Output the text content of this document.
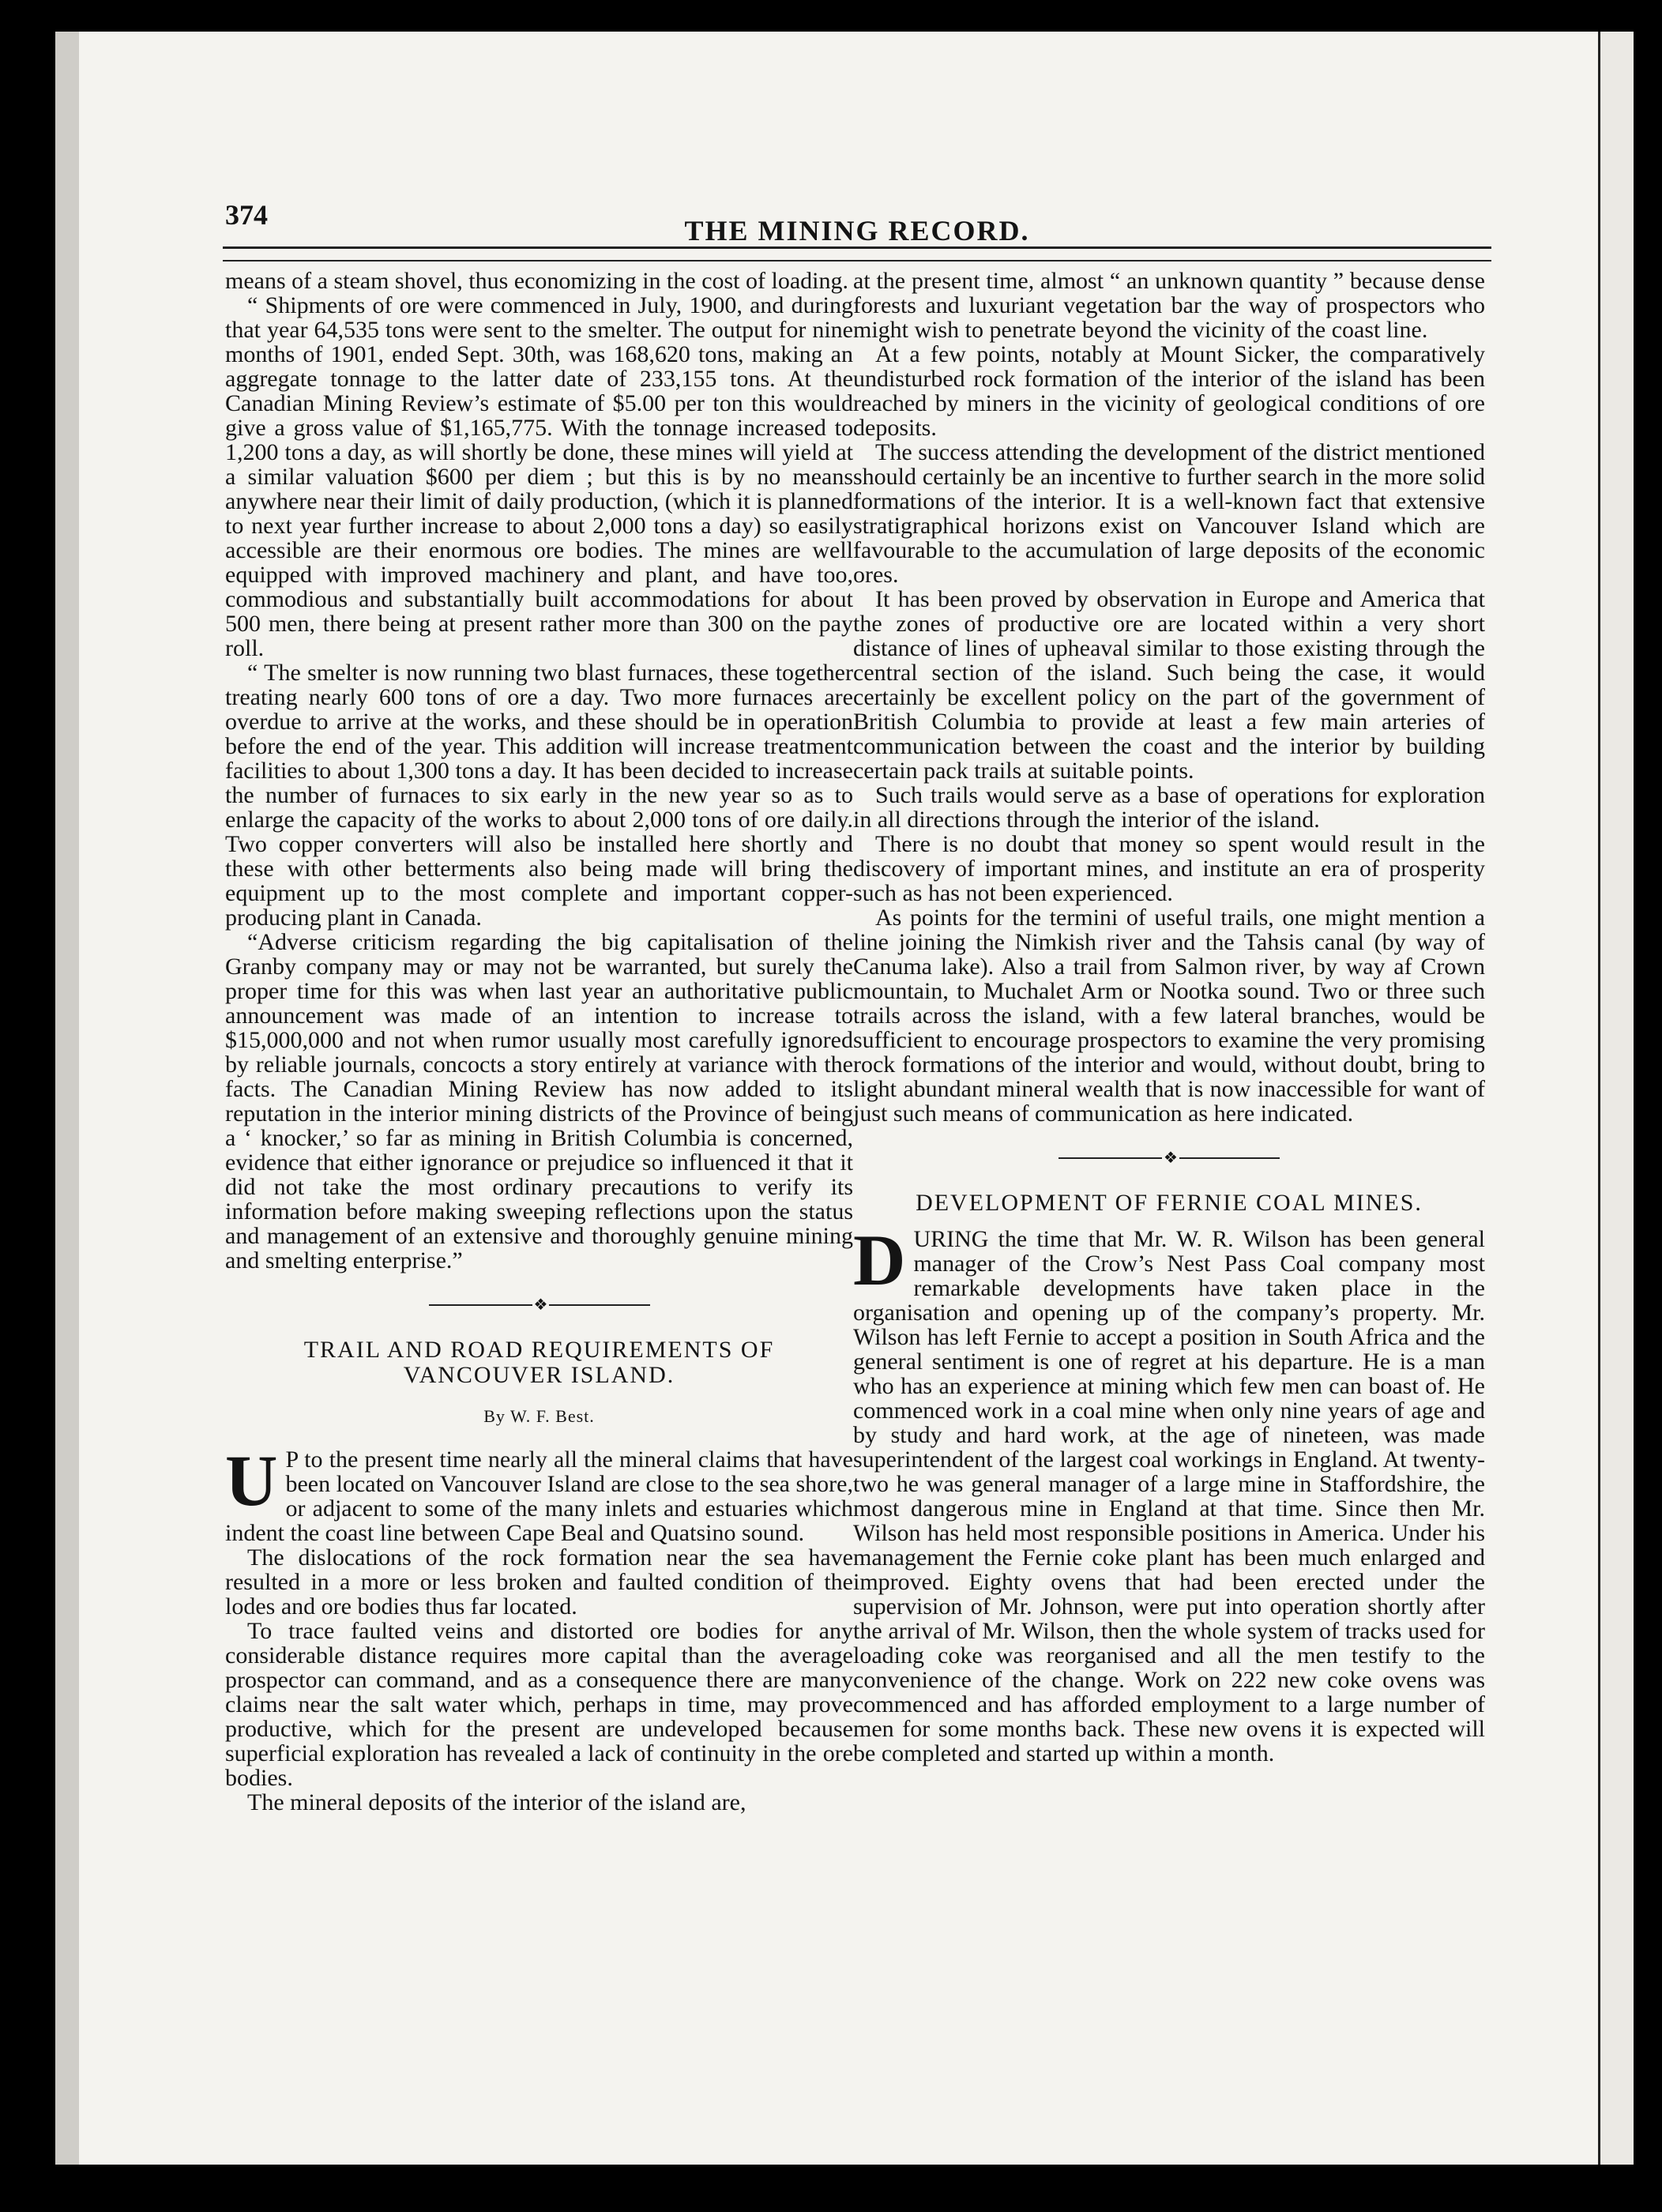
374	THE MINING RECORD.

means of a steam shovel, thus economizing in the cost of loading.

“ Shipments of ore were commenced in July, 1900, and during that year 64,535 tons were sent to the smelter. The output for nine months of 1901, ended Sept. 30th, was 168,620 tons, making an aggregate tonnage to the latter date of 233,155 tons. At the Canadian Mining Review’s estimate of $5.00 per ton this would give a gross value of $1,165,775. With the tonnage increased to 1,200 tons a day, as will shortly be done, these mines will yield at a similar valuation $600 per diem ; but this is by no means anywhere near their limit of daily production, (which it is planned to next year further increase to about 2,000 tons a day) so easily accessible are their enormous ore bodies. The mines are well equipped with improved machinery and plant, and have too, commodious and substantially built accommodations for about 500 men, there being at present rather more than 300 on the pay roll.

“ The smelter is now running two blast furnaces, these together treating nearly 600 tons of ore a day. Two more furnaces are overdue to arrive at the works, and these should be in operation before the end of the year. This addition will increase treatment facilities to about 1,300 tons a day. It has been decided to increase the number of furnaces to six early in the new year so as to enlarge the capacity of the works to about 2,000 tons of ore daily. Two copper converters will also be installed here shortly and these with other betterments also being made will bring the equipment up to the most complete and important copper-producing plant in Canada.

“Adverse criticism regarding the big capitalisation of the Granby company may or may not be warranted, but surely the proper time for this was when last year an authoritative public announcement was made of an intention to increase to $15,000,000 and not when rumor usually most carefully ignored by reliable journals, concocts a story entirely at variance with the facts. The Canadian Mining Review has now added to its reputation in the interior mining districts of the Province of being a ‘ knocker,’ so far as mining in British Columbia is concerned, evidence that either ignorance or prejudice so influenced it that it did not take the most ordinary precautions to verify its information before making sweeping reflections upon the status and management of an extensive and thoroughly genuine mining and smelting enterprise.”

❖
TRAIL AND ROAD REQUIREMENTS OF
VANCOUVER ISLAND.
By W. F. Best.

U P to the present time nearly all the mineral claims that have been located on Vancouver Island are close to the sea shore, or adjacent to some of the many inlets and estuaries which indent the coast line between Cape Beal and Quatsino sound.

The dislocations of the rock formation near the sea have resulted in a more or less broken and faulted condition of the lodes and ore bodies thus far located.

To trace faulted veins and distorted ore bodies for any considerable distance requires more capital than the average prospector can command, and as a consequence there are many claims near the salt water which, perhaps in time, may prove productive, which for the present are undeveloped because superficial exploration has revealed a lack of continuity in the ore bodies.

The mineral deposits of the interior of the island are,

at the present time, almost “ an unknown quantity ” because dense forests and luxuriant vegetation bar the way of prospectors who might wish to penetrate beyond the vicinity of the coast line.

At a few points, notably at Mount Sicker, the comparatively undisturbed rock formation of the interior of the island has been reached by miners in the vicinity of geological conditions of ore deposits.

The success attending the development of the district mentioned should certainly be an incentive to further search in the more solid formations of the interior. It is a well-known fact that extensive stratigraphical horizons exist on Vancouver Island which are favourable to the accumulation of large deposits of the economic ores.

It has been proved by observation in Europe and America that the zones of productive ore are located within a very short distance of lines of upheaval similar to those existing through the central section of the island. Such being the case, it would certainly be excellent policy on the part of the government of British Columbia to provide at least a few main arteries of communication between the coast and the interior by building certain pack trails at suitable points.

Such trails would serve as a base of operations for exploration in all directions through the interior of the island.

There is no doubt that money so spent would result in the discovery of important mines, and institute an era of prosperity such as has not been experienced.

As points for the termini of useful trails, one might mention a line joining the Nimkish river and the Tahsis canal (by way of Canuma lake). Also a trail from Salmon river, by way af Crown mountain, to Muchalet Arm or Nootka sound. Two or three such trails across the island, with a few lateral branches, would be sufficient to encourage prospectors to examine the very promising rock formations of the interior and would, without doubt, bring to light abundant mineral wealth that is now inaccessible for want of just such means of communication as here indicated.

❖
DEVELOPMENT OF FERNIE COAL MINES.

DURING the time that Mr. W. R. Wilson has been general manager of the Crow’s Nest Pass Coal company most remarkable developments have taken place in the organisation and opening up of the company’s property. Mr. Wilson has left Fernie to accept a position in South Africa and the general sentiment is one of regret at his departure. He is a man who has an experience at mining which few men can boast of. He commenced work in a coal mine when only nine years of age and by study and hard work, at the age of nineteen, was made superintendent of the largest coal workings in England. At twenty-two he was general manager of a large mine in Staffordshire, the most dangerous mine in England at that time. Since then Mr. Wilson has held most responsible positions in America. Under his management the Fernie coke plant has been much enlarged and improved. Eighty ovens that had been erected under the supervision of Mr. Johnson, were put into operation shortly after the arrival of Mr. Wilson, then the whole system of tracks used for loading coke was reorganised and all the men testify to the convenience of the change. Work on 222 new coke ovens was commenced and has afforded employment to a large number of men for some months back. These new ovens it is expected will be completed and started up within a month.
